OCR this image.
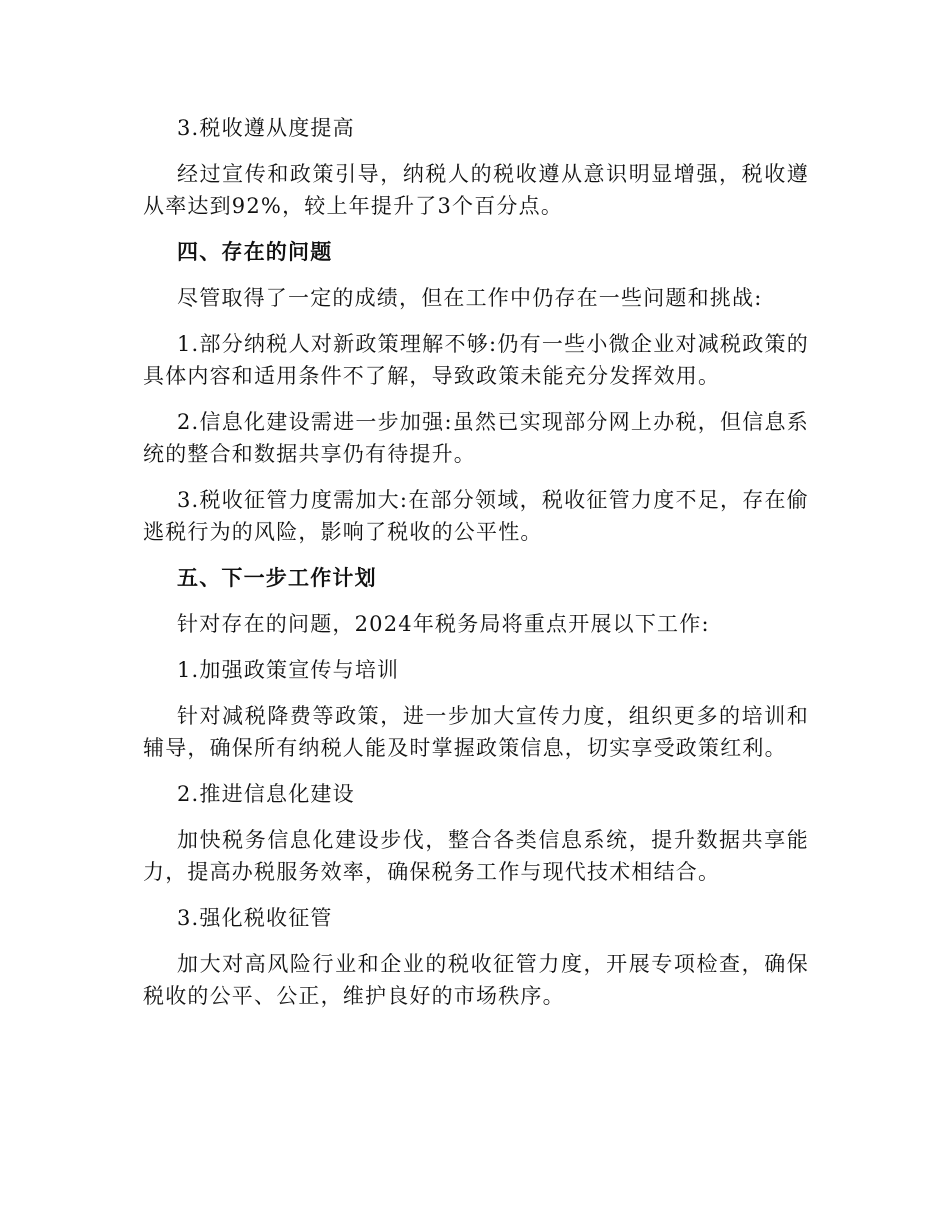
3.税收遵从度提高

经过宣传和政策引导，纳税人的税收遵从意识明显增强，税收遵从率达到92%，较上年提升了3个百分点。

四、存在的问题

尽管取得了一定的成绩，但在工作中仍存在一些问题和挑战:

1.部分纳税人对新政策理解不够:仍有一些小微企业对减税政策的具体内容和适用条件不了解，导致政策未能充分发挥效用。

2.信息化建设需进一步加强:虽然已实现部分网上办税，但信息系统的整合和数据共享仍有待提升。

3.税收征管力度需加大:在部分领域，税收征管力度不足，存在偷逃税行为的风险，影响了税收的公平性。

五、下一步工作计划

针对存在的问题，2024年税务局将重点开展以下工作:

1.加强政策宣传与培训

针对减税降费等政策，进一步加大宣传力度，组织更多的培训和辅导，确保所有纳税人能及时掌握政策信息，切实享受政策红利。

2.推进信息化建设

加快税务信息化建设步伐，整合各类信息系统，提升数据共享能力，提高办税服务效率，确保税务工作与现代技术相结合。

3.强化税收征管

加大对高风险行业和企业的税收征管力度，开展专项检查，确保税收的公平、公正，维护良好的市场秩序。
